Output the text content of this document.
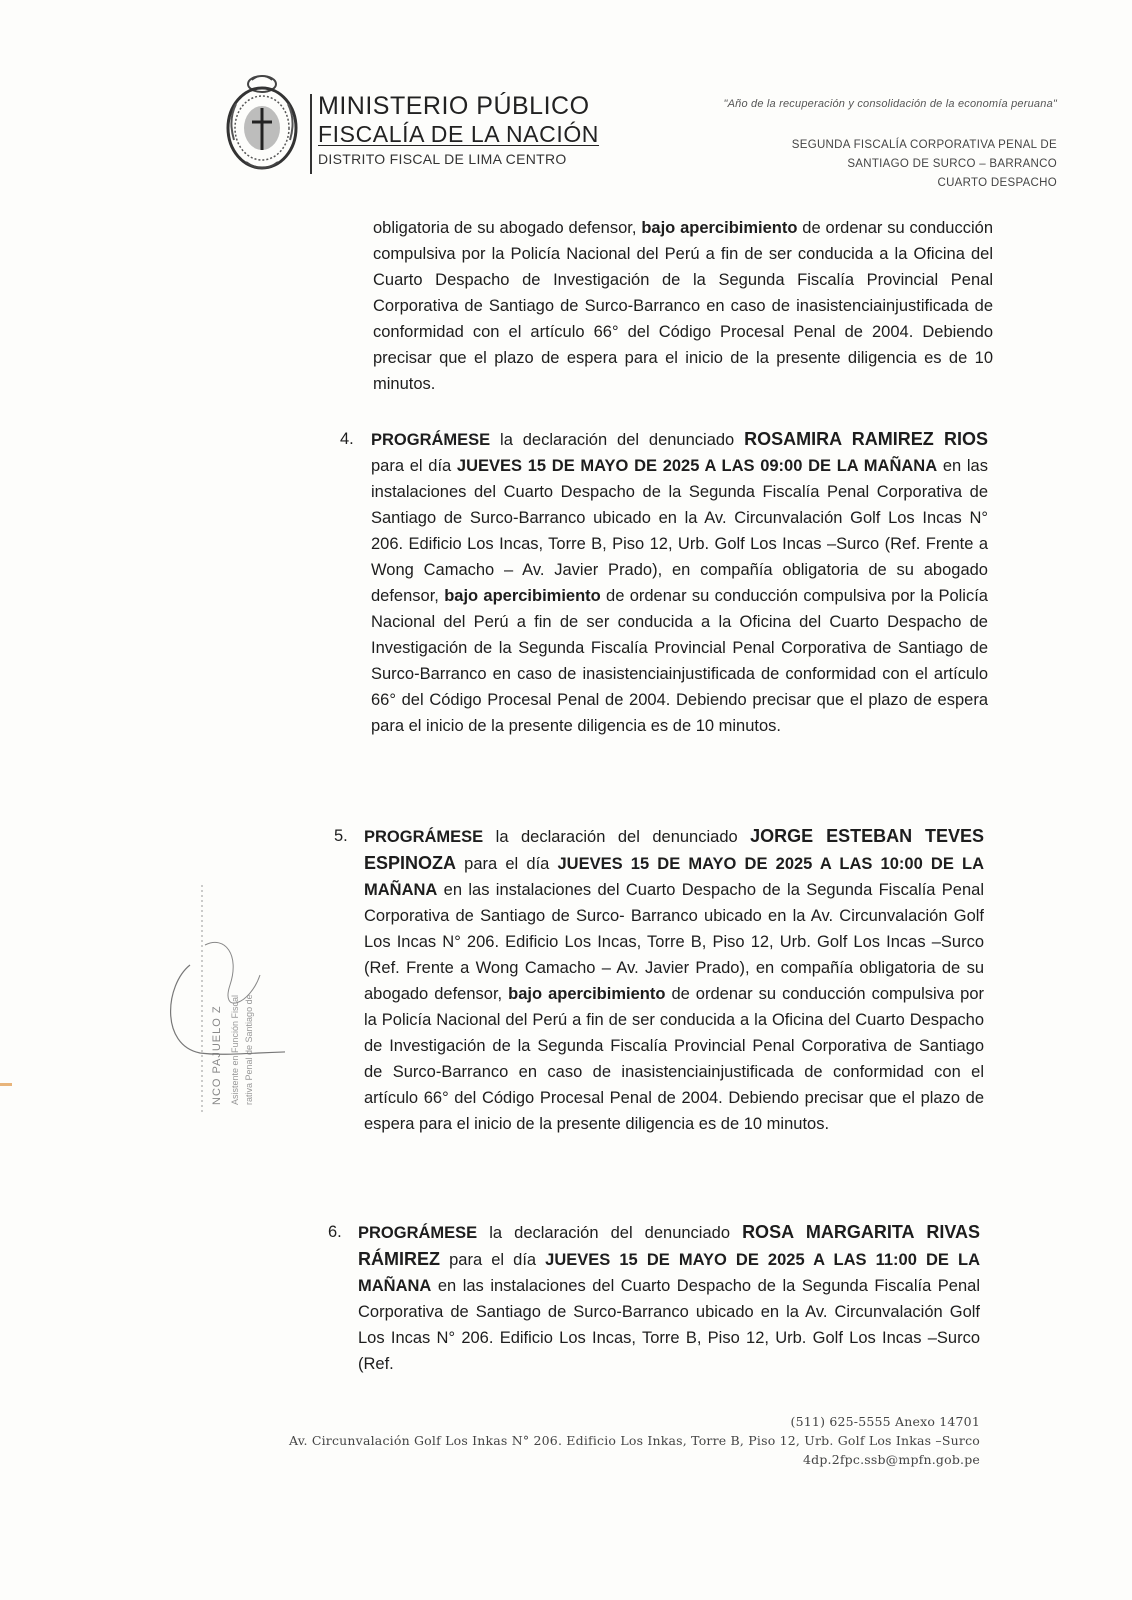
MINISTERIO PÚBLICO
FISCALÍA DE LA NACIÓN
DISTRITO FISCAL DE LIMA CENTRO
"Año de la recuperación y consolidación de la economía peruana"
SEGUNDA FISCALÍA CORPORATIVA PENAL DE
SANTIAGO DE SURCO – BARRANCO
CUARTO DESPACHO
obligatoria de su abogado defensor, bajo apercibimiento de ordenar su conducción compulsiva por la Policía Nacional del Perú a fin de ser conducida a la Oficina del Cuarto Despacho de Investigación de la Segunda Fiscalía Provincial Penal Corporativa de Santiago de Surco-Barranco en caso de inasistenciainjustificada de conformidad con el artículo 66° del Código Procesal Penal de 2004. Debiendo precisar que el plazo de espera para el inicio de la presente diligencia es de 10 minutos.
4. PROGRÁMESE la declaración del denunciado ROSAMIRA RAMIREZ RIOS para el día JUEVES 15 DE MAYO DE 2025 A LAS 09:00 DE LA MAÑANA en las instalaciones del Cuarto Despacho de la Segunda Fiscalía Penal Corporativa de Santiago de Surco-Barranco ubicado en la Av. Circunvalación Golf Los Incas N° 206. Edificio Los Incas, Torre B, Piso 12, Urb. Golf Los Incas –Surco (Ref. Frente a Wong Camacho – Av. Javier Prado), en compañía obligatoria de su abogado defensor, bajo apercibimiento de ordenar su conducción compulsiva por la Policía Nacional del Perú a fin de ser conducida a la Oficina del Cuarto Despacho de Investigación de la Segunda Fiscalía Provincial Penal Corporativa de Santiago de Surco-Barranco en caso de inasistenciainjustificada de conformidad con el artículo 66° del Código Procesal Penal de 2004. Debiendo precisar que el plazo de espera para el inicio de la presente diligencia es de 10 minutos.
5. PROGRÁMESE la declaración del denunciado JORGE ESTEBAN TEVES ESPINOZA para el día JUEVES 15 DE MAYO DE 2025 A LAS 10:00 DE LA MAÑANA en las instalaciones del Cuarto Despacho de la Segunda Fiscalía Penal Corporativa de Santiago de Surco- Barranco ubicado en la Av. Circunvalación Golf Los Incas N° 206. Edificio Los Incas, Torre B, Piso 12, Urb. Golf Los Incas –Surco (Ref. Frente a Wong Camacho – Av. Javier Prado), en compañía obligatoria de su abogado defensor, bajo apercibimiento de ordenar su conducción compulsiva por la Policía Nacional del Perú a fin de ser conducida a la Oficina del Cuarto Despacho de Investigación de la Segunda Fiscalía Provincial Penal Corporativa de Santiago de Surco-Barranco en caso de inasistenciainjustificada de conformidad con el artículo 66° del Código Procesal Penal de 2004. Debiendo precisar que el plazo de espera para el inicio de la presente diligencia es de 10 minutos.
6. PROGRÁMESE la declaración del denunciado ROSA MARGARITA RIVAS RÁMIREZ para el día JUEVES 15 DE MAYO DE 2025 A LAS 11:00 DE LA MAÑANA en las instalaciones del Cuarto Despacho de la Segunda Fiscalía Penal Corporativa de Santiago de Surco-Barranco ubicado en la Av. Circunvalación Golf Los Incas N° 206. Edificio Los Incas, Torre B, Piso 12, Urb. Golf Los Incas –Surco (Ref.
NCO PAJUELO Z Asistente en Función Fiscal rativa Penal de Santiago de
(511) 625-5555 Anexo 14701
Av. Circunvalación Golf Los Inkas N° 206. Edificio Los Inkas, Torre B, Piso 12, Urb. Golf Los Inkas –Surco
4dp.2fpc.ssb@mpfn.gob.pe
